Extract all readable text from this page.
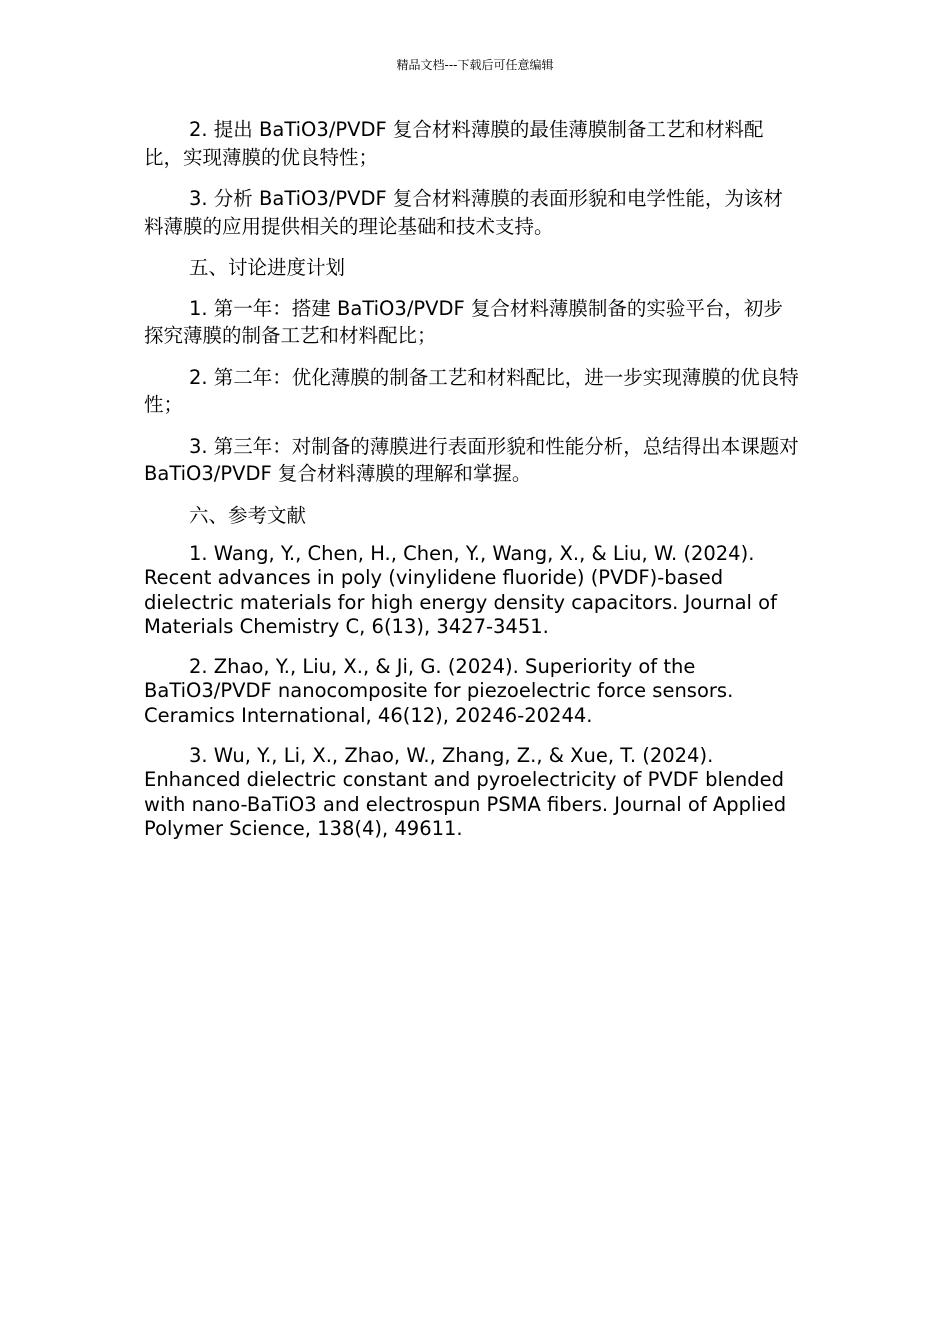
精品文档---下载后可任意编辑

2. 提出 BaTiO3/PVDF 复合材料薄膜的最佳薄膜制备工艺和材料配比，实现薄膜的优良特性；

3. 分析 BaTiO3/PVDF 复合材料薄膜的表面形貌和电学性能，为该材料薄膜的应用提供相关的理论基础和技术支持。

五、讨论进度计划

1. 第一年：搭建 BaTiO3/PVDF 复合材料薄膜制备的实验平台，初步探究薄膜的制备工艺和材料配比；

2. 第二年：优化薄膜的制备工艺和材料配比，进一步实现薄膜的优良特性；

3. 第三年：对制备的薄膜进行表面形貌和性能分析，总结得出本课题对 BaTiO3/PVDF 复合材料薄膜的理解和掌握。

六、参考文献

1. Wang, Y., Chen, H., Chen, Y., Wang, X., & Liu, W. (2024). Recent advances in poly (vinylidene fluoride) (PVDF)-based dielectric materials for high energy density capacitors. Journal of Materials Chemistry C, 6(13), 3427-3451.

2. Zhao, Y., Liu, X., & Ji, G. (2024). Superiority of the BaTiO3/PVDF nanocomposite for piezoelectric force sensors. Ceramics International, 46(12), 20246-20244.

3. Wu, Y., Li, X., Zhao, W., Zhang, Z., & Xue, T. (2024). Enhanced dielectric constant and pyroelectricity of PVDF blended with nano-BaTiO3 and electrospun PSMA fibers. Journal of Applied Polymer Science, 138(4), 49611.
